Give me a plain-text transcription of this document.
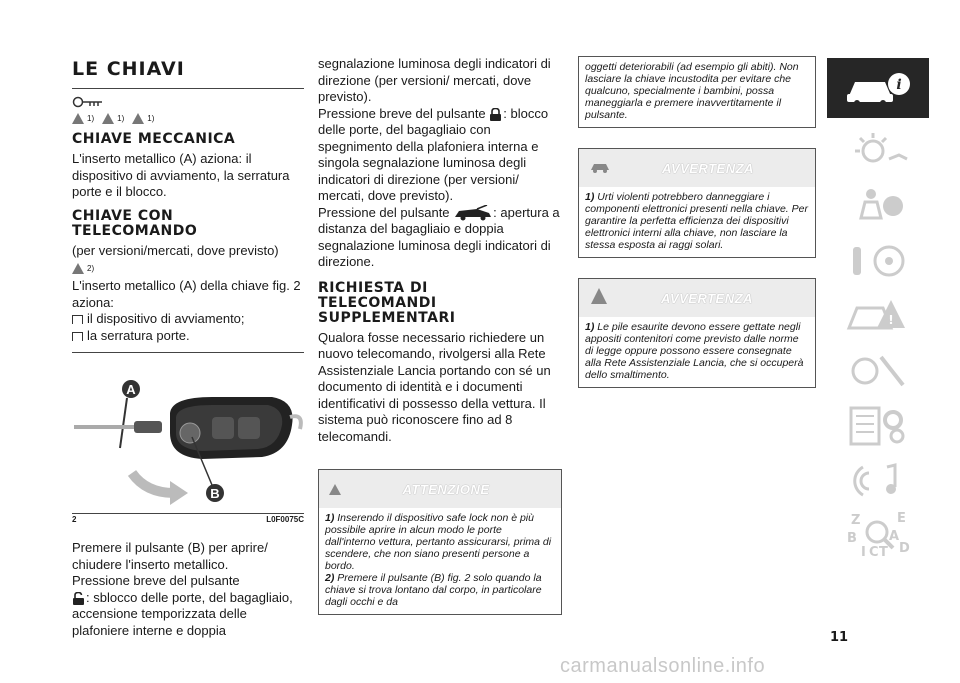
LE CHIAVI
1)	1)	1)
CHIAVE MECCANICA

L'inserto metallico (A) aziona: il dispositivo di avviamento, la serratura porte e il blocco.

CHIAVE CON
TELECOMANDO

(per versioni/mercati, dove previsto)

2)

L'inserto metallico (A) della chiave fig. 2 aziona:

il dispositivo di avviamento;

la serratura porte.

A
B
2	L0F0075C

Premere il pulsante (B) per aprire/ chiudere l'inserto metallico.

Pressione breve del pulsante

: sblocco delle porte, del bagagliaio, accensione temporizzata delle plafoniere interne e doppia

segnalazione luminosa degli indicatori di direzione (per versioni/ mercati, dove previsto).

Pressione breve del pulsante : blocco delle porte, del bagagliaio con spegnimento della plafoniera interna e singola segnalazione luminosa degli indicatori di direzione (per versioni/ mercati, dove previsto).

Pressione del pulsante	: apertura a distanza del bagagliaio e doppia segnalazione luminosa degli indicatori di direzione.

RICHIESTA DI
TELECOMANDI
SUPPLEMENTARI

Qualora fosse necessario richiedere un nuovo telecomando, rivolgersi alla Rete Assistenziale Lancia portando con sé un documento di identità e i documenti identificativi di possesso della vettura. Il sistema può riconoscere fino ad 8 telecomandi.

ATTENZIONE
1) Inserendo il dispositivo safe lock non è più possibile aprire in alcun modo le porte dall'interno vettura, pertanto assicurarsi, prima di scendere, che non siano presenti persone a bordo.
2) Premere il pulsante (B) fig. 2 solo quando la chiave si trova lontano dal corpo, in particolare dagli occhi e da
oggetti deteriorabili (ad esempio gli abiti). Non lasciare la chiave incustodita per evitare che qualcuno, specialmente i bambini, possa maneggiarla e premere inavvertitamente il pulsante.
AVVERTENZA
1) Urti violenti potrebbero danneggiare i componenti elettronici presenti nella chiave. Per garantire la perfetta efficienza dei dispositivi elettronici interni alla chiave, non lasciare la stessa esposta ai raggi solari.
AVVERTENZA
1) Le pile esaurite devono essere gettate negli appositi contenitori come previsto dalle norme di legge oppure possono essere consegnate alla Rete Assistenziale Lancia, che si occuperà dello smaltimento.
i
!
Z	E
B A
I C T D
11
carmanualsonline.info
